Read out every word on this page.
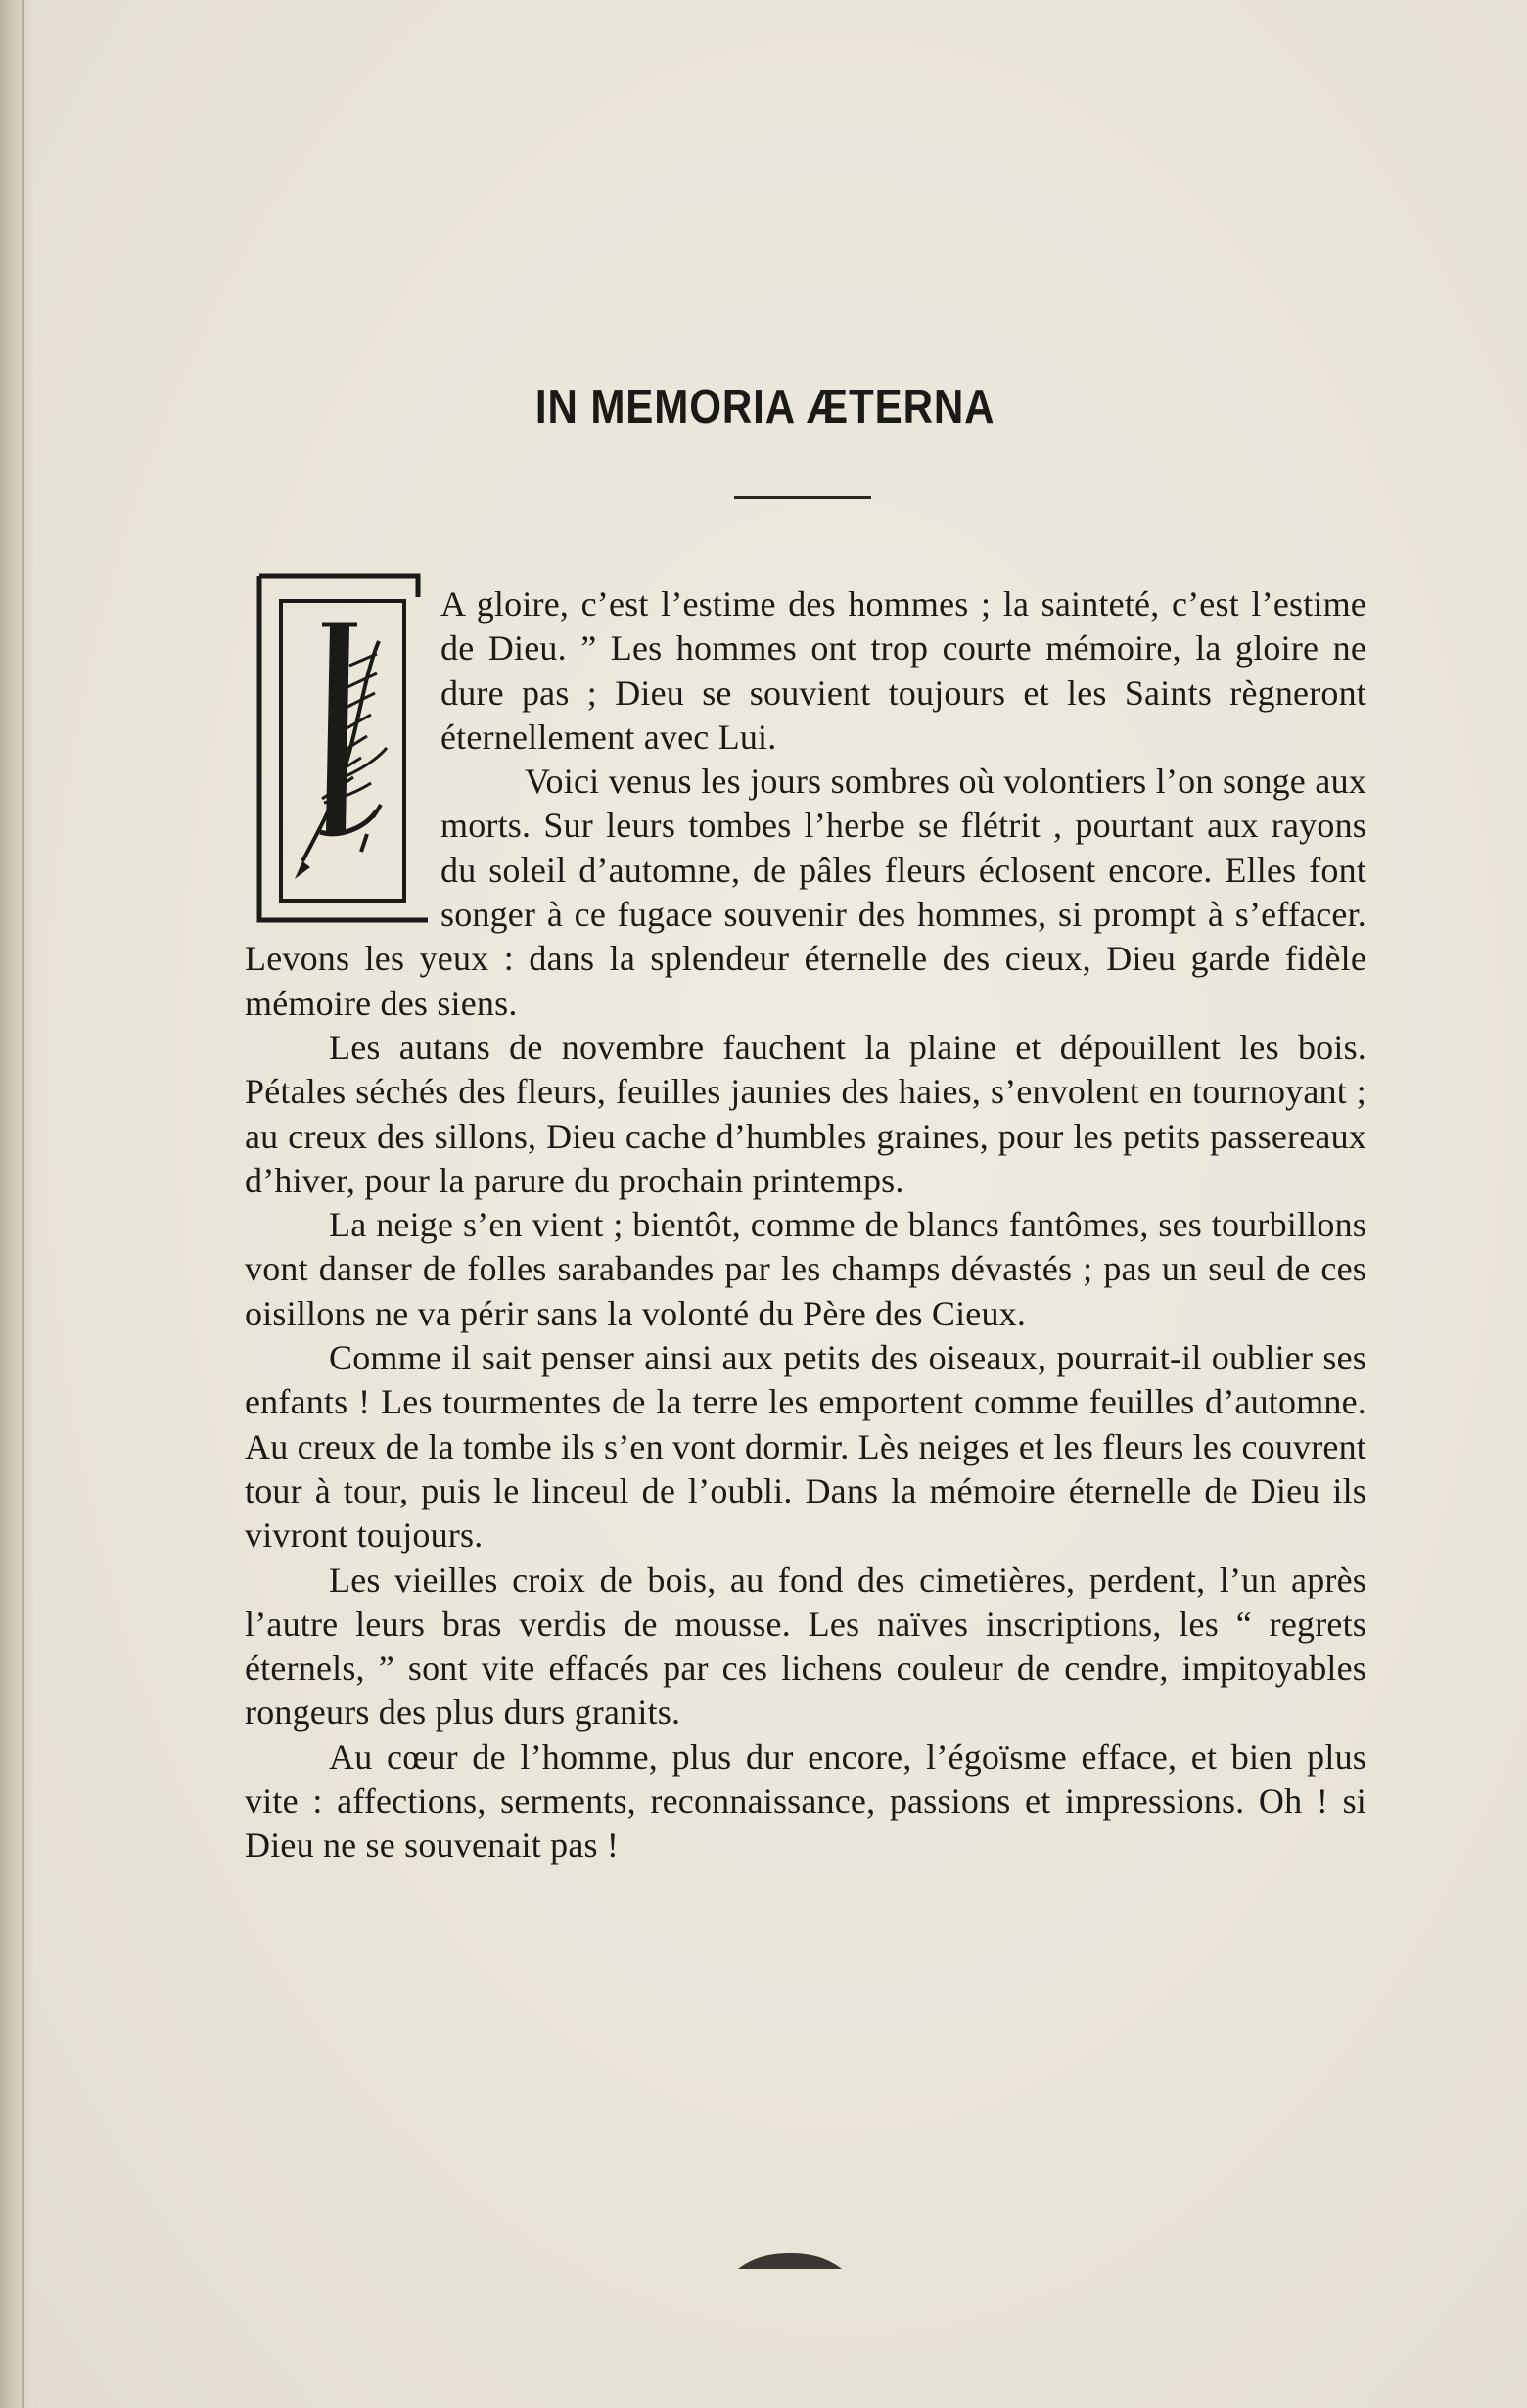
IN MEMORIA ÆTERNA

A gloire, c’est l’estime des hommes ; la sainteté, c’est l’estime de Dieu. ” Les hommes ont trop courte mémoire, la gloire ne dure pas ; Dieu se souvient toujours et les Saints règneront éternellement avec Lui.

Voici venus les jours sombres où volontiers l’on songe aux morts. Sur leurs tombes l’herbe se flétrit , pourtant aux rayons du soleil d’automne, de pâles fleurs éclosent encore. Elles font songer à ce fugace souvenir des hommes, si prompt à s’effacer. Levons les yeux : dans la splendeur éternelle des cieux, Dieu garde fidèle mémoire des siens.

Les autans de novembre fauchent la plaine et dépouillent les bois. Pétales séchés des fleurs, feuilles jaunies des haies, s’envolent en tournoyant ; au creux des sillons, Dieu cache d’humbles graines, pour les petits passereaux d’hiver, pour la parure du prochain printemps.

La neige s’en vient ; bientôt, comme de blancs fantômes, ses tourbillons vont danser de folles sarabandes par les champs dévastés ; pas un seul de ces oisillons ne va périr sans la volonté du Père des Cieux.

Comme il sait penser ainsi aux petits des oiseaux, pourrait-il oublier ses enfants ! Les tourmentes de la terre les emportent comme feuilles d’automne. Au creux de la tombe ils s’en vont dormir. Lès neiges et les fleurs les couvrent tour à tour, puis le linceul de l’oubli. Dans la mémoire éternelle de Dieu ils vivront toujours.

Les vieilles croix de bois, au fond des cimetières, perdent, l’un après l’autre leurs bras verdis de mousse. Les naïves inscriptions, les “ regrets éternels, ” sont vite effacés par ces lichens couleur de cendre, impitoyables rongeurs des plus durs granits.

Au cœur de l’homme, plus dur encore, l’égoïsme efface, et bien plus vite : affections, serments, reconnaissance, passions et impressions. Oh ! si Dieu ne se souvenait pas !
